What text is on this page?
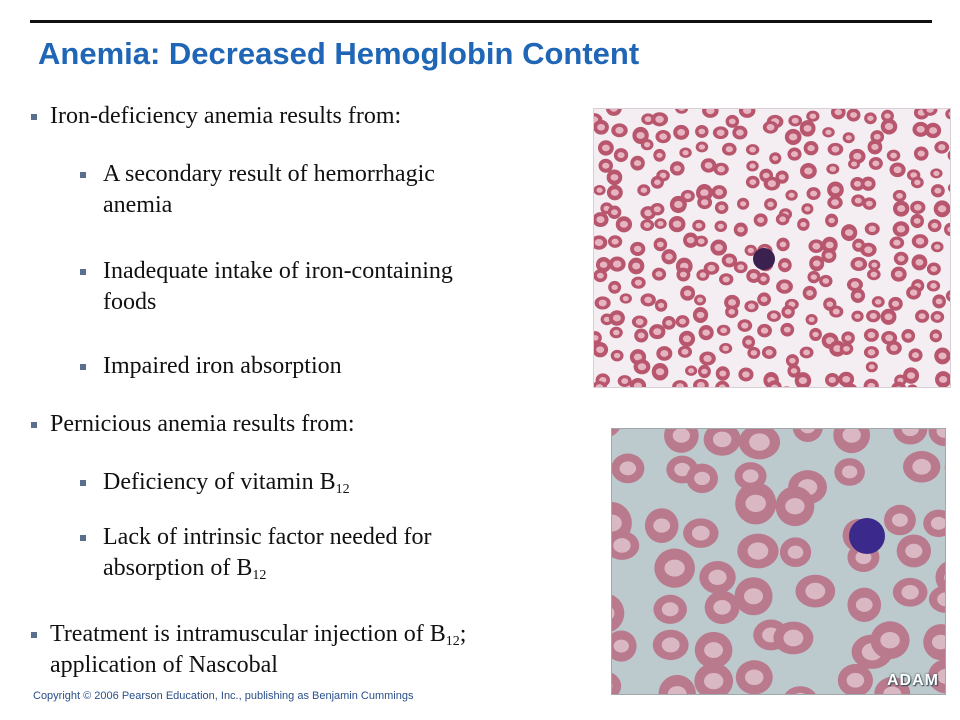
Anemia: Decreased Hemoglobin Content
Iron-deficiency anemia results from:
A secondary result of hemorrhagic
anemia
Inadequate intake of iron-containing
foods
Impaired iron absorption
Pernicious anemia results from:
Deficiency of vitamin $B_{12}$
Lack of intrinsic factor needed for
absorption of $B_{12}$
Treatment is intramuscular injection of $B_{12}$;
application of Nascobal
ADAM
Copyright © 2006 Pearson Education, Inc., publishing as Benjamin Cummings
